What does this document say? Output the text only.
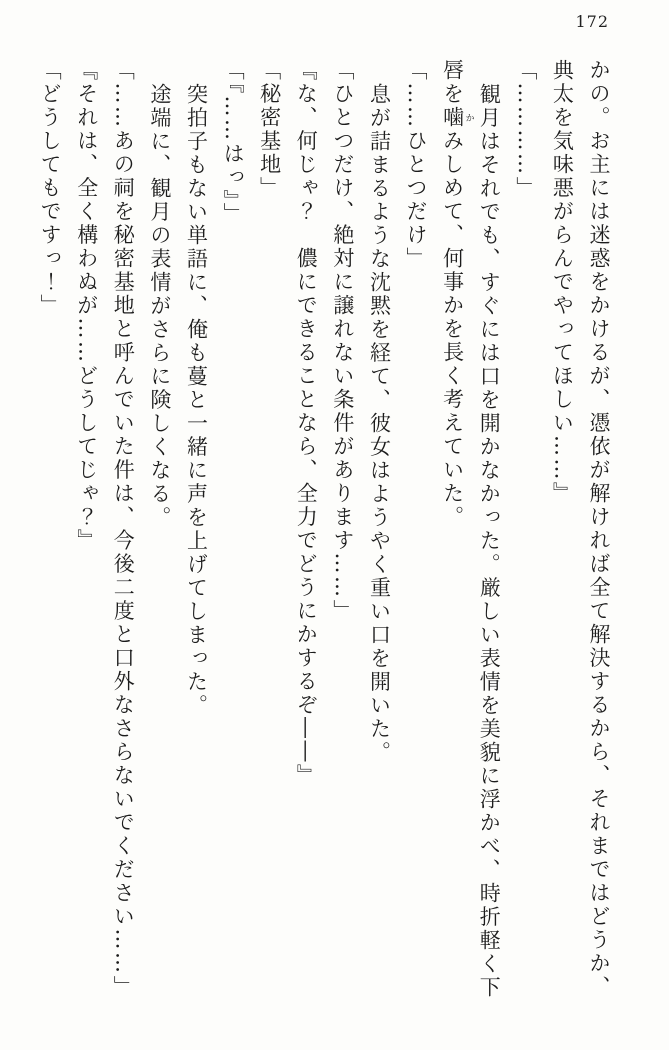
172

かの。お主には迷惑をかけるが、憑依が解ければ全て解決するから、それまではどうか、典太を気味悪がらんでやってほしい……』

「…………」

観月はそれでも、すぐには口を開かなかった。厳しい表情を美貌に浮かべ、時折軽く下唇を噛 かみしめて、何事かを長く考えていた。

「……ひとつだけ」

息が詰まるような沈黙を経て、彼女はようやく重い口を開いた。

「ひとつだけ、絶対に譲れない条件があります……」

『な、何じゃ？　儂にできることなら、全力でどうにかするぞ――』

「秘密基地」

「『……はっ』」

突拍子もない単語に、俺も蔓と一緒に声を上げてしまった。

途端に、観月の表情がさらに険しくなる。

「……あの祠を秘密基地と呼んでいた件は、今後二度と口外なさらないでください……」

『それは、全く構わぬが……どうしてじゃ？』

「どうしてもですっ！」
